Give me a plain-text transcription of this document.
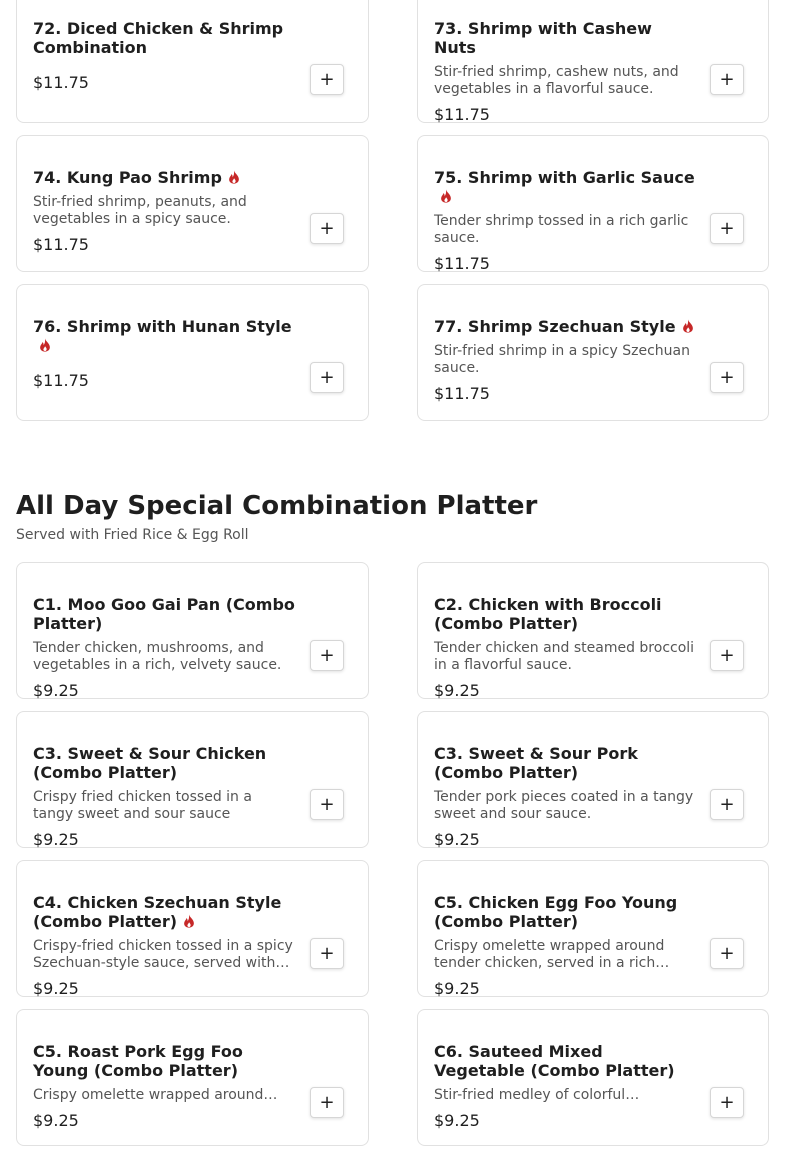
72. Diced Chicken & Shrimp Combination
$11.75	+
73. Shrimp with Cashew Nuts
Stir-fried shrimp, cashew nuts, and vegetables in a flavorful sauce.
$11.75
+
74. Kung Pao Shrimp
Stir-fried shrimp, peanuts, and vegetables in a spicy sauce.
$11.75
+
75. Shrimp with Garlic Sauce
Tender shrimp tossed in a rich garlic sauce.
$11.75
+
76. Shrimp with Hunan Style
$11.75	+
77. Shrimp Szechuan Style
Stir-fried shrimp in a spicy Szechuan sauce.
$11.75
+
All Day Special Combination Platter

Served with Fried Rice & Egg Roll

C1. Moo Goo Gai Pan (Combo Platter)
Tender chicken, mushrooms, and vegetables in a rich, velvety sauce.
$9.25
+
C2. Chicken with Broccoli (Combo Platter)
Tender chicken and steamed broccoli in a flavorful sauce.
$9.25
+
C3. Sweet & Sour Chicken (Combo Platter)
Crispy fried chicken tossed in a tangy sweet and sour sauce
$9.25
+
C3. Sweet & Sour Pork (Combo Platter)
Tender pork pieces coated in a tangy sweet and sour sauce.
$9.25
+
C4. Chicken Szechuan Style (Combo Platter)
Crispy-fried chicken tossed in a spicy Szechuan-style sauce, served with…
$9.25
+
C5. Chicken Egg Foo Young (Combo Platter)
Crispy omelette wrapped around tender chicken, served in a rich…
$9.25
+
C5. Roast Pork Egg Foo Young (Combo Platter)
Crispy omelette wrapped around…
$9.25
+
C6. Sauteed Mixed Vegetable (Combo Platter)
Stir-fried medley of colorful…
$9.25
+
